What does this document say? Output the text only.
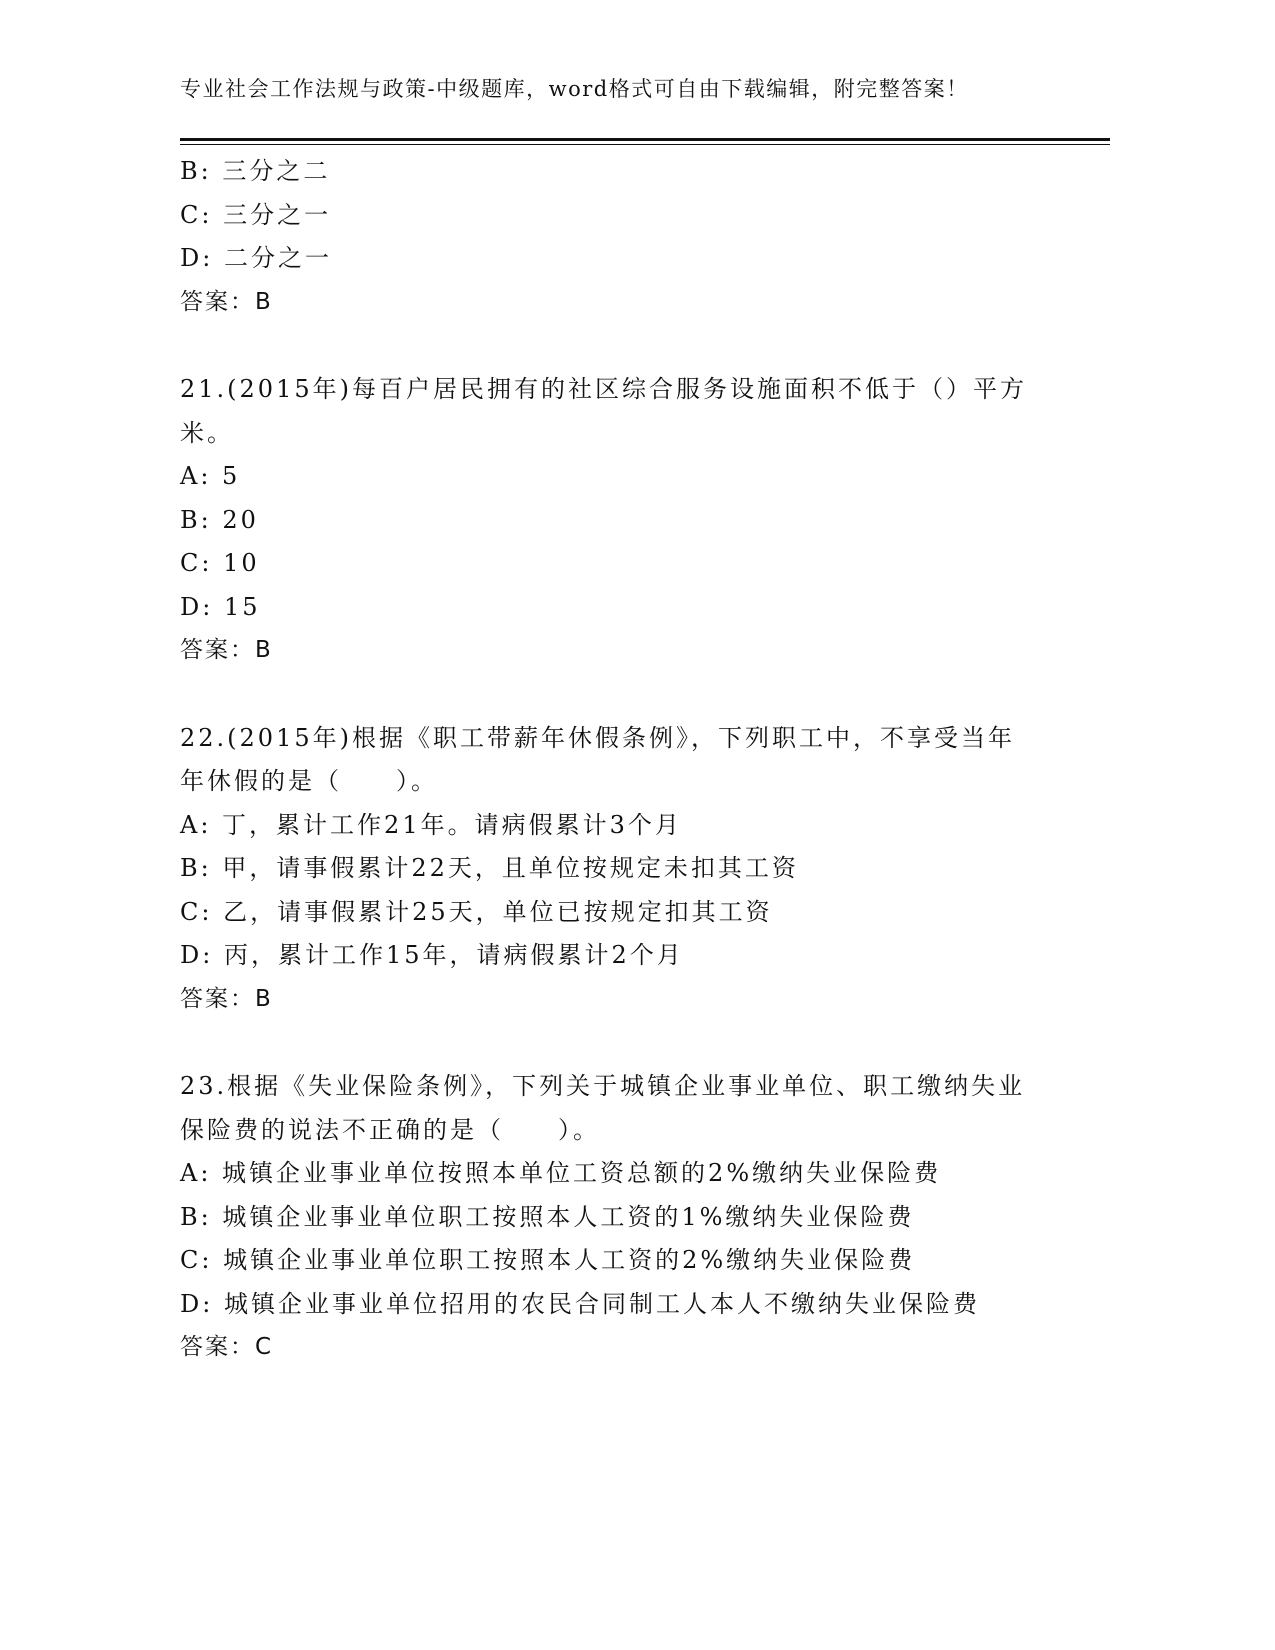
专业社会工作法规与政策-中级题库，word格式可自由下载编辑，附完整答案！
B: 三分之二
C: 三分之一
D: 二分之一
答案：B
21.(2015年)每百户居民拥有的社区综合服务设施面积不低于（）平方米。
A: 5
B: 20
C: 10
D: 15
答案：B
22.(2015年)根据《职工带薪年休假条例》，下列职工中，不享受当年年休假的是（　　）。
A: 丁，累计工作21年。请病假累计3个月
B: 甲，请事假累计22天，且单位按规定未扣其工资
C: 乙，请事假累计25天，单位已按规定扣其工资
D: 丙，累计工作15年，请病假累计2个月
答案：B
23.根据《失业保险条例》，下列关于城镇企业事业单位、职工缴纳失业保险费的说法不正确的是（　　）。
A: 城镇企业事业单位按照本单位工资总额的2%缴纳失业保险费
B: 城镇企业事业单位职工按照本人工资的1%缴纳失业保险费
C: 城镇企业事业单位职工按照本人工资的2%缴纳失业保险费
D: 城镇企业事业单位招用的农民合同制工人本人不缴纳失业保险费
答案：C
